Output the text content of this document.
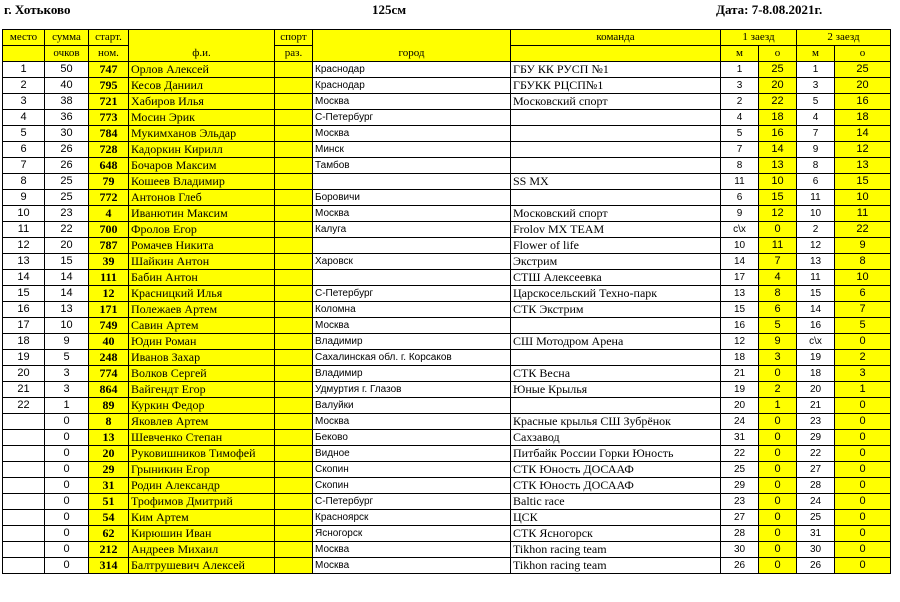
г. Хотьково	125см	Дата: 7-8.08.2021г.
место	сумма	старт.	ф.и.	спорт	город	команда	1 заезд		2 заезд	
	очков	ном.		раз.			м	о	м	о
1	50	747	Орлов Алексей		Краснодар	ГБУ КК РУСП №1	1	25	1	25
2	40	795	Кесов Даниил		Краснодар	ГБУКК РЦСП№1	3	20	3	20
3	38	721	Хабиров Илья		Москва	Московский спорт	2	22	5	16
4	36	773	Мосин Эрик		С-Петербург		4	18	4	18
5	30	784	Мукимханов Эльдар		Москва		5	16	7	14
6	26	728	Кадоркин Кирилл		Минск		7	14	9	12
7	26	648	Бочаров Максим		Тамбов		8	13	8	13
8	25	79	Кошеев Владимир			SS MX	11	10	6	15
9	25	772	Антонов Глеб		Боровичи		6	15	11	10
10	23	4	Иванютин Максим		Москва	Московский спорт	9	12	10	11
11	22	700	Фролов Егор		Калуга	Frolov MX TEAM	с\х	0	2	22
12	20	787	Ромачев Никита			Flower of life	10	11	12	9
13	15	39	Шайкин Антон		Харовск	Экстрим	14	7	13	8
14	14	111	Бабин Антон			СТШ Алексеевка	17	4	11	10
15	14	12	Красницкий Илья		С-Петербург	Царскосельский Техно-парк	13	8	15	6
16	13	171	Полежаев Артем		Коломна	СТК Экстрим	15	6	14	7
17	10	749	Савин Артем		Москва		16	5	16	5
18	9	40	Юдин Роман		Владимир	СШ Мотодром Арена	12	9	с\х	0
19	5	248	Иванов Захар		Сахалинская обл. г. Корсаков		18	3	19	2
20	3	774	Волков Сергей		Владимир	СТК Весна	21	0	18	3
21	3	864	Вайгендт Егор		Удмуртия г. Глазов	Юные Крылья	19	2	20	1
22	1	89	Куркин Федор		Валуйки		20	1	21	0
	0	8	Яковлев Артем		Москва	Красные крылья СШ Зубрёнок	24	0	23	0
	0	13	Шевченко Степан		Беково	Сахзавод	31	0	29	0
	0	20	Руковишников Тимофей		Видное	Питбайк России Горки Юность	22	0	22	0
	0	29	Грыникин Егор		Скопин	СТК Юность ДОСААФ	25	0	27	0
	0	31	Родин Александр		Скопин	СТК Юность ДОСААФ	29	0	28	0
	0	51	Трофимов Дмитрий		С-Петербург	Baltic race	23	0	24	0
	0	54	Ким Артем		Красноярск	ЦСК	27	0	25	0
	0	62	Кирюшин Иван		Ясногорск	СТК Ясногорск	28	0	31	0
	0	212	Андреев Михаил		Москва	Tikhon racing team	30	0	30	0
	0	314	Балтрушевич Алексей		Москва	Tikhon racing team	26	0	26	0
